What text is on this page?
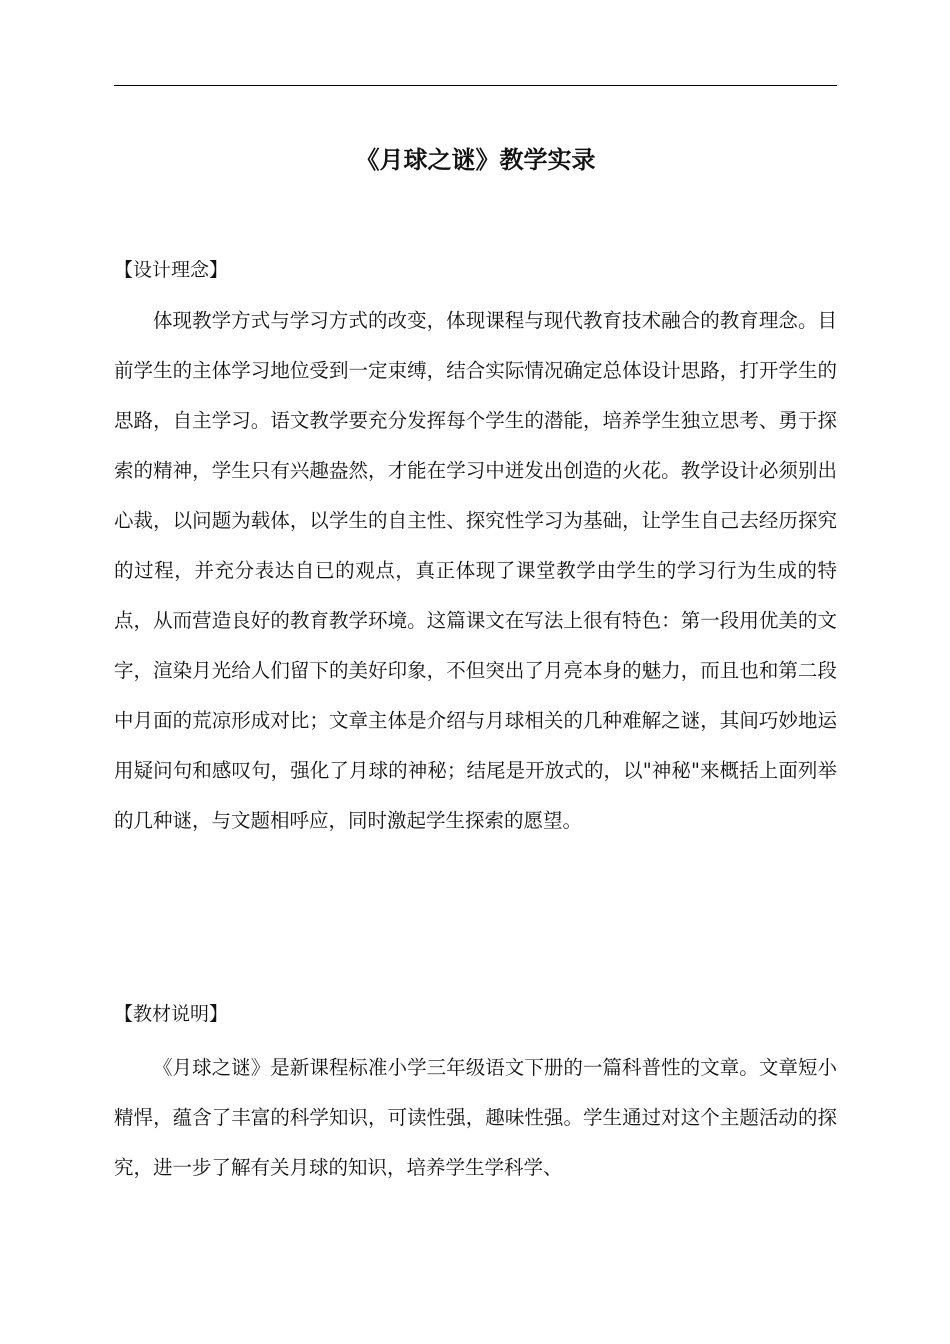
《月球之谜》教学实录
【设计理念】

体现教学方式与学习方式的改变，体现课程与现代教育技术融合的教育理念。目前学生的主体学习地位受到一定束缚，结合实际情况确定总体设计思路，打开学生的思路，自主学习。语文教学要充分发挥每个学生的潜能，培养学生独立思考、勇于探索的精神，学生只有兴趣盎然，才能在学习中迸发出创造的火花。教学设计必须别出心裁，以问题为载体，以学生的自主性、探究性学习为基础，让学生自己去经历探究的过程，并充分表达自已的观点，真正体现了课堂教学由学生的学习行为生成的特点，从而营造良好的教育教学环境。这篇课文在写法上很有特色：第一段用优美的文字，渲染月光给人们留下的美好印象，不但突出了月亮本身的魅力，而且也和第二段中月面的荒凉形成对比；文章主体是介绍与月球相关的几种难解之谜，其间巧妙地运用疑问句和感叹句，强化了月球的神秘；结尾是开放式的，以"神秘"来概括上面列举的几种谜，与文题相呼应，同时激起学生探索的愿望。

【教材说明】

《月球之谜》是新课程标准小学三年级语文下册的一篇科普性的文章。文章短小精悍，蕴含了丰富的科学知识，可读性强，趣味性强。学生通过对这个主题活动的探究，进一步了解有关月球的知识，培养学生学科学、
